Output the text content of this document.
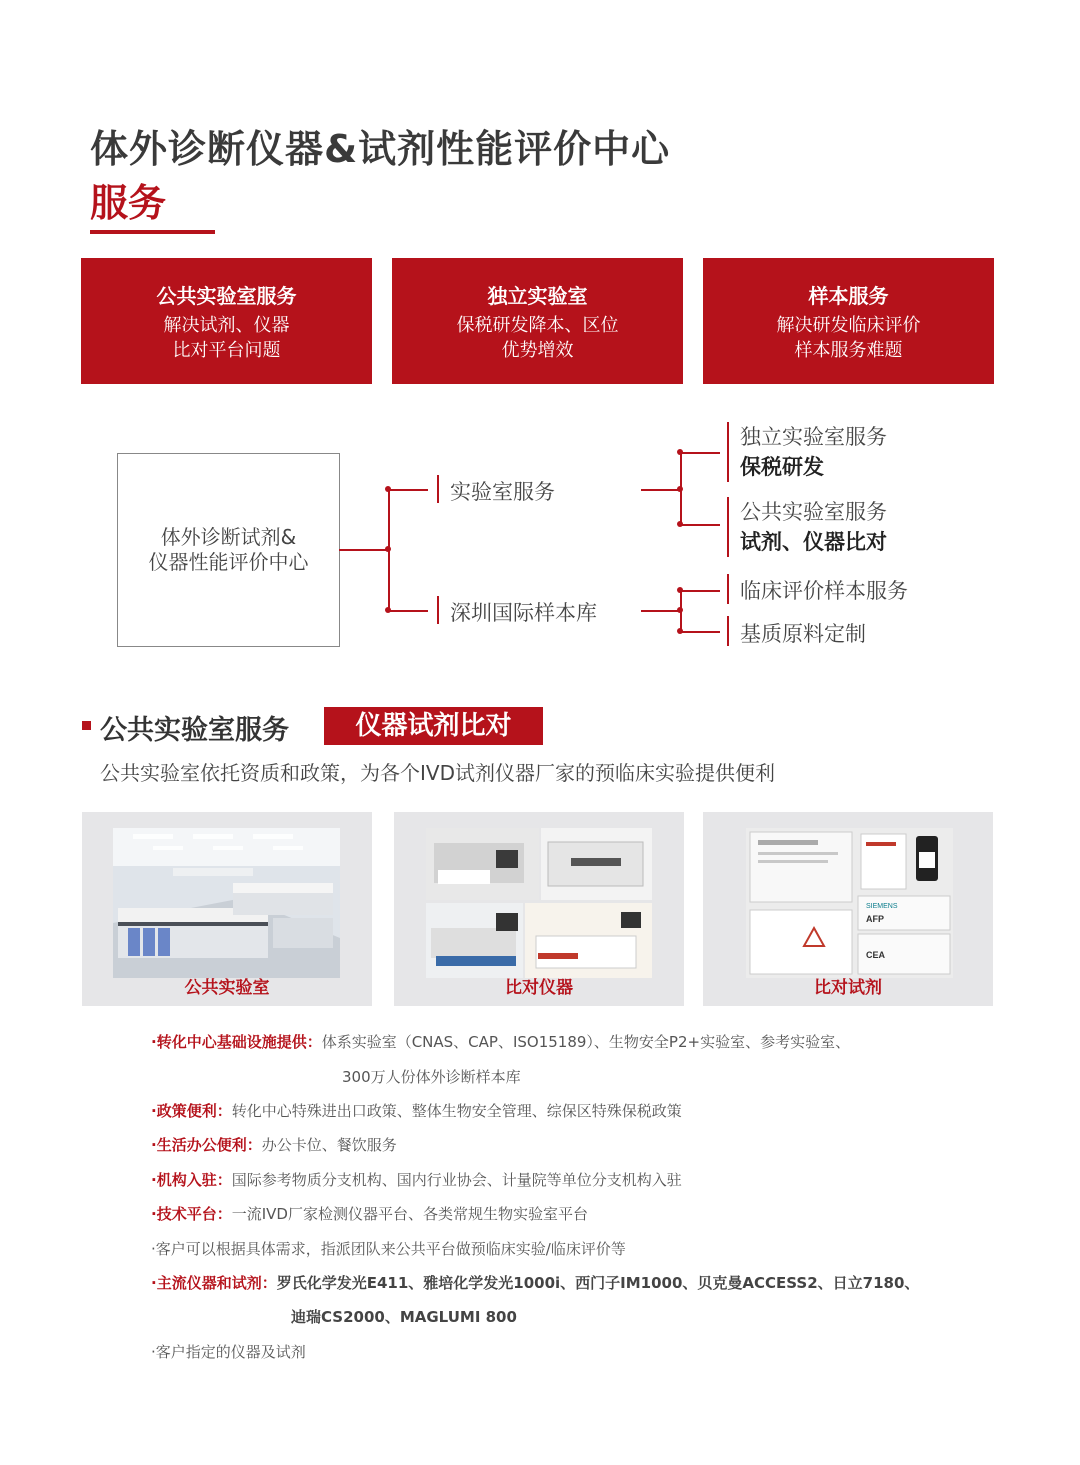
体外诊断仪器&试剂性能评价中心
服务
公共实验室服务
解决试剂、仪器
比对平台问题
独立实验室
保税研发降本、区位
优势增效
样本服务
解决研发临床评价
样本服务难题
体外诊断试剂&
仪器性能评价中心
实验室服务
深圳国际样本库
独立实验室服务
保税研发
公共实验室服务
试剂、仪器比对
临床评价样本服务
基质原料定制
公共实验室服务	仪器试剂比对
公共实验室依托资质和政策，为各个IVD试剂仪器厂家的预临床实验提供便利
公共实验室	比对仪器
SIEMENS
AFP
CEA
比对试剂
·转化中心基础设施提供：体系实验室（CNAS、CAP、ISO15189）、生物安全P2+实验室、参考实验室、
300万人份体外诊断样本库
·政策便利：转化中心特殊进出口政策、整体生物安全管理、综保区特殊保税政策
·生活办公便利：办公卡位、餐饮服务
·机构入驻：国际参考物质分支机构、国内行业协会、计量院等单位分支机构入驻
·技术平台：一流IVD厂家检测仪器平台、各类常规生物实验室平台
·客户可以根据具体需求，指派团队来公共平台做预临床实验/临床评价等
·主流仪器和试剂：罗氏化学发光E411、雅培化学发光1000i、西门子IM1000、贝克曼ACCESS2、日立7180、
迪瑞CS2000、MAGLUMI 800
·客户指定的仪器及试剂
